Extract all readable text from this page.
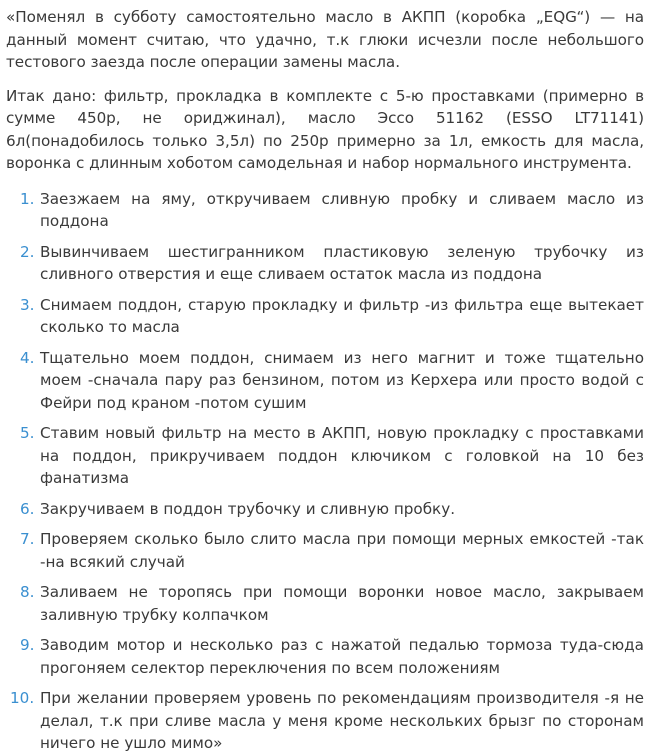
«Поменял в субботу самостоятельно масло в АКПП (коробка „EQG“) — на данный момент считаю, что удачно, т.к глюки исчезли после небольшого тестового заезда после операции замены масла.

Итак дано: фильтр, прокладка в комплекте с 5-ю проставками (примерно в сумме 450р, не ориджинал), масло Эссо 51162 (ESSO LT71141) 6л(понадобилось только 3,5л) по 250р примерно за 1л, емкость для масла, воронка с длинным хоботом самодельная и набор нормального инструмента.

1. Заезжаем на яму, откручиваем сливную пробку и сливаем масло из поддона
2. Вывинчиваем шестигранником пластиковую зеленую трубочку из сливного отверстия и еще сливаем остаток масла из поддона
3. Снимаем поддон, старую прокладку и фильтр -из фильтра еще вытекает сколько то масла
4. Тщательно моем поддон, снимаем из него магнит и тоже тщательно моем -сначала пару раз бензином, потом из Керхера или просто водой с Фейри под краном -потом сушим
5. Ставим новый фильтр на место в АКПП, новую прокладку с проставками на поддон, прикручиваем поддон ключиком с головкой на 10 без фанатизма
6. Закручиваем в поддон трубочку и сливную пробку.
7. Проверяем сколько было слито масла при помощи мерных емкостей -так -на всякий случай
8. Заливаем не торопясь при помощи воронки новое масло, закрываем заливную трубку колпачком
9. Заводим мотор и несколько раз с нажатой педалью тормоза туда-сюда прогоняем селектор переключения по всем положениям
10. При желании проверяем уровень по рекомендациям производителя -я не делал, т.к при сливе масла у меня кроме нескольких брызг по сторонам ничего не ушло мимо»
